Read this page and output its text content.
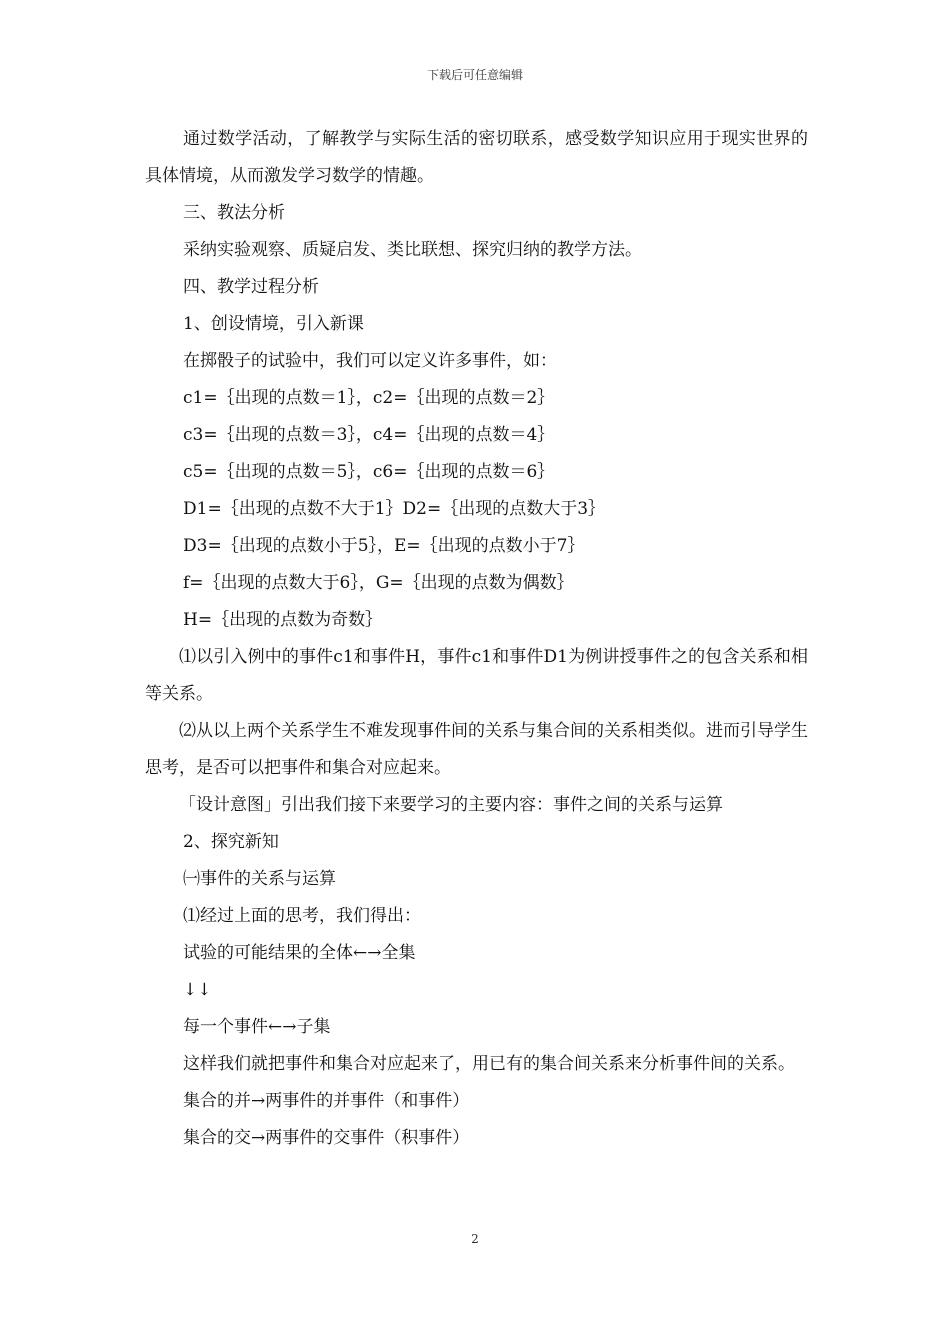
下载后可任意编辑

通过数学活动，了解教学与实际生活的密切联系，感受数学知识应用于现实世界的具体情境，从而激发学习数学的情趣。

三、教法分析

采纳实验观察、质疑启发、类比联想、探究归纳的教学方法。

四、教学过程分析

1、创设情境，引入新课

在掷骰子的试验中，我们可以定义许多事件，如：

c1=｛出现的点数＝1｝，c2=｛出现的点数＝2｝

c3=｛出现的点数＝3｝，c4=｛出现的点数＝4｝

c5=｛出现的点数＝5｝，c6=｛出现的点数＝6｝

D1=｛出现的点数不大于1｝D2=｛出现的点数大于3｝

D3=｛出现的点数小于5｝，E=｛出现的点数小于7｝

f=｛出现的点数大于6｝，G=｛出现的点数为偶数｝

H=｛出现的点数为奇数｝

⑴以引入例中的事件c1和事件H，事件c1和事件D1为例讲授事件之的包含关系和相等关系。

⑵从以上两个关系学生不难发现事件间的关系与集合间的关系相类似。进而引导学生思考，是否可以把事件和集合对应起来。

「设计意图」引出我们接下来要学习的主要内容：事件之间的关系与运算

2、探究新知

㈠事件的关系与运算

⑴经过上面的思考，我们得出：

试验的可能结果的全体←→全集

↓↓

每一个事件←→子集

这样我们就把事件和集合对应起来了，用已有的集合间关系来分析事件间的关系。

集合的并→两事件的并事件（和事件）

集合的交→两事件的交事件（积事件）

2
